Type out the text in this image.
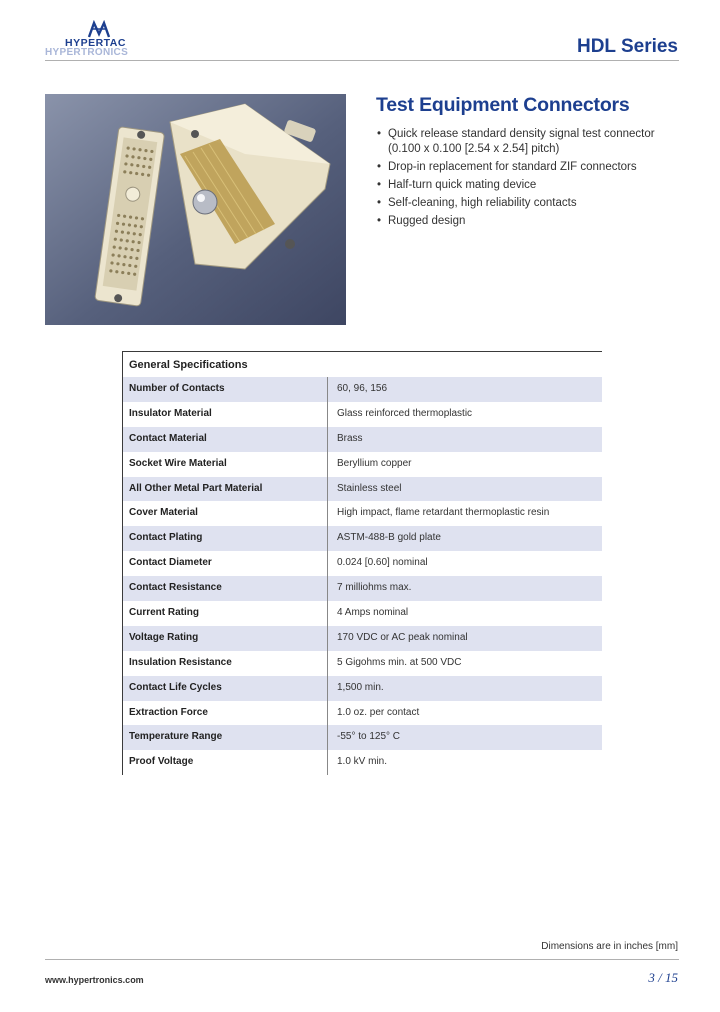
HYPERTAC
HYPERTRONICS	HDL Series
Test Equipment Connectors
• Quick release standard density signal test connector
(0.100 x 0.100 [2.54 x 2.54] pitch)
• Drop-in replacement for standard ZIF connectors
• Half-turn quick mating device
• Self-cleaning, high reliability contacts
• Rugged design
General Specifications
Number of Contacts	60, 96, 156
Insulator Material	Glass reinforced thermoplastic
Contact Material	Brass
Socket Wire Material	Beryllium copper
All Other Metal Part Material	Stainless steel
Cover Material	High impact, flame retardant thermoplastic resin
Contact Plating	ASTM-488-B gold plate
Contact Diameter	0.024 [0.60] nominal
Contact Resistance	7 milliohms max.
Current Rating	4 Amps nominal
Voltage Rating	170 VDC or AC peak nominal
Insulation Resistance	5 Gigohms min. at 500 VDC
Contact Life Cycles	1,500 min.
Extraction Force	1.0 oz. per contact
Temperature Range	-55° to 125° C
Proof Voltage	1.0 kV min.
Dimensions are in inches [mm]
www.hypertronics.com	3 / 15
